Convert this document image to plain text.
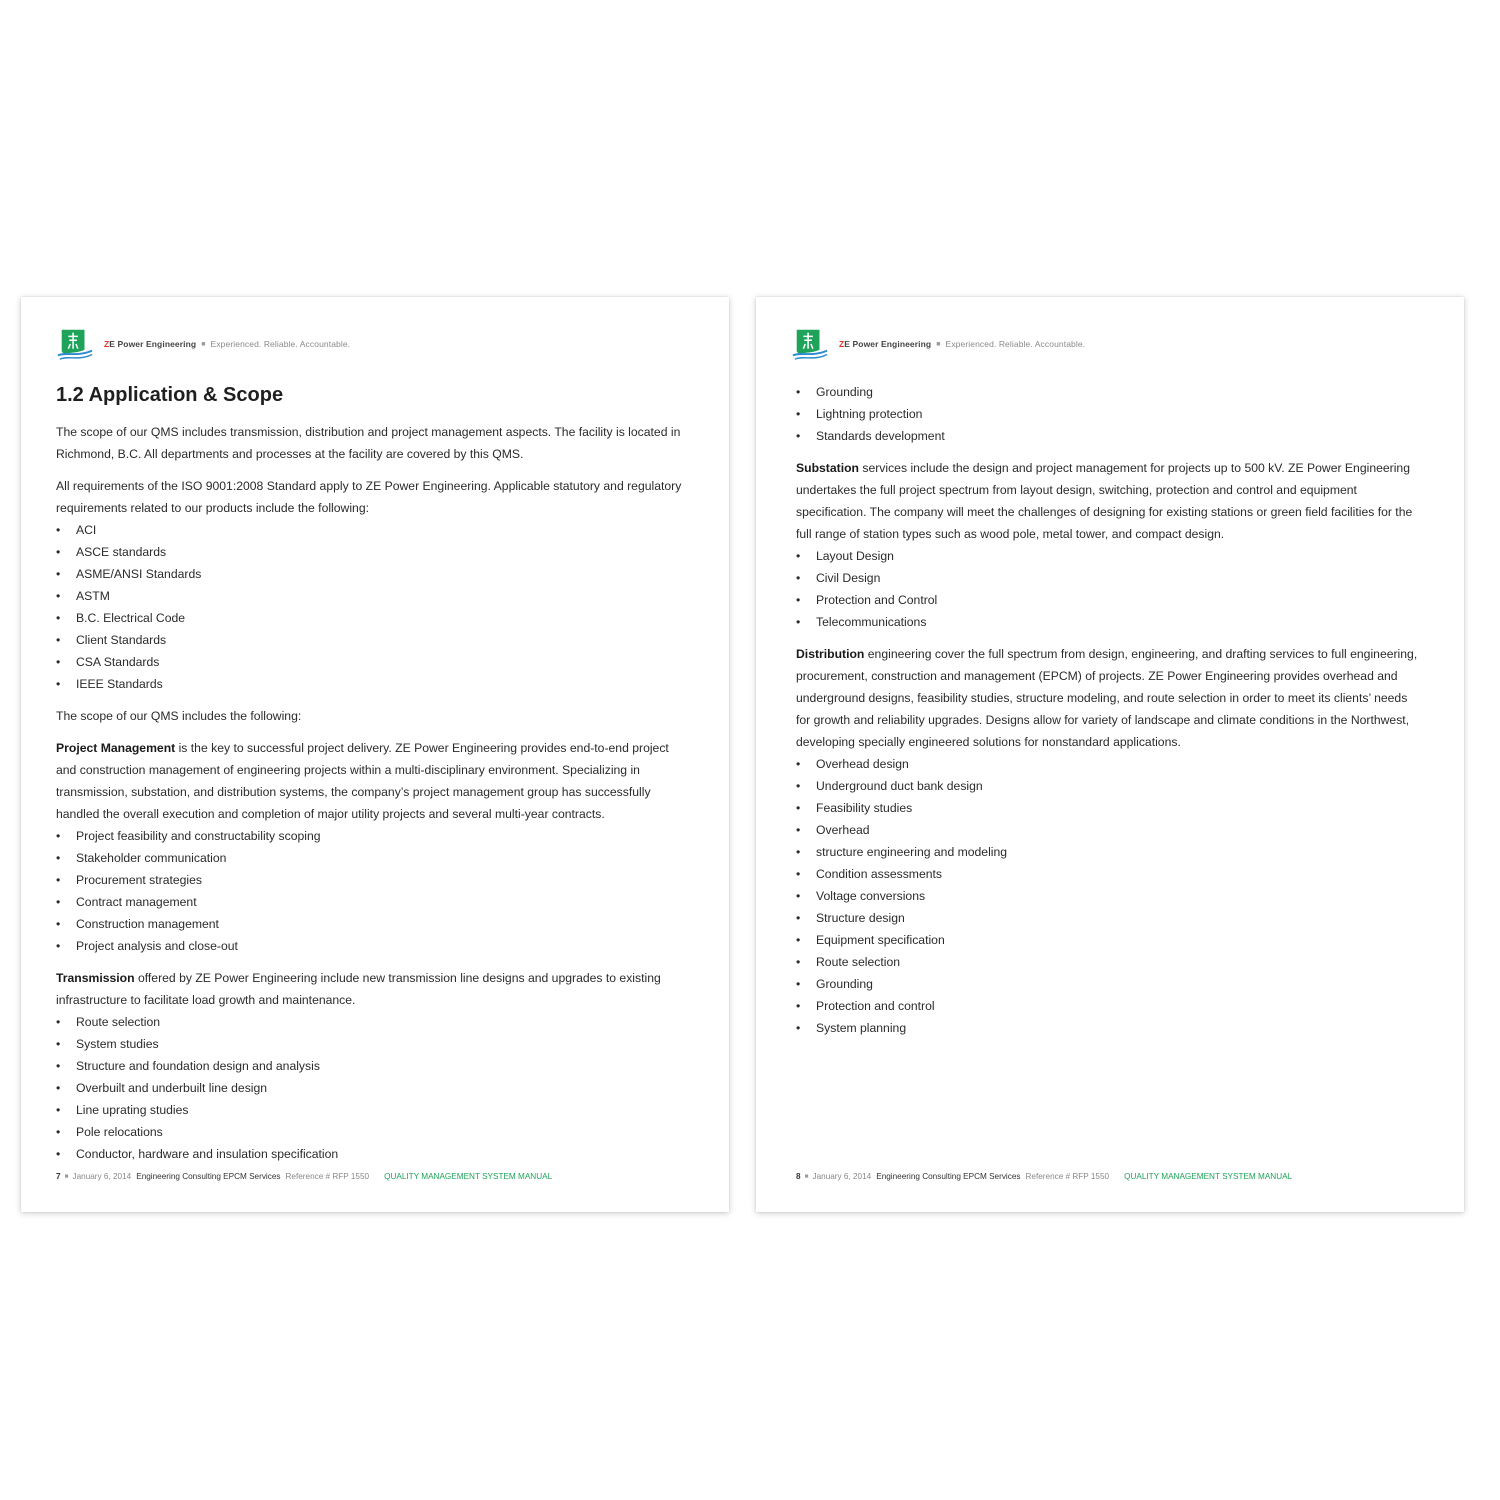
Z E Power Engineering ■ Experienced. Reliable. Accountable.
1.2 Application & Scope

The scope of our QMS includes transmission, distribution and project management aspects. The facility is located in Richmond, B.C. All departments and processes at the facility are covered by this QMS.

All requirements of the ISO 9001:2008 Standard apply to ZE Power Engineering. Applicable statutory and regulatory requirements related to our products include the following:

• ACI
• ASCE standards
• ASME/ANSI Standards
• ASTM
• B.C. Electrical Code
• Client Standards
• CSA Standards
• IEEE Standards

The scope of our QMS includes the following:

Project Management is the key to successful project delivery. ZE Power Engineering provides end-to-end project and construction management of engineering projects within a multi-disciplinary environment. Specializing in transmission, substation, and distribution systems, the company’s project management group has successfully handled the overall execution and completion of major utility projects and several multi-year contracts.

• Project feasibility and constructability scoping
• Stakeholder communication
• Procurement strategies
• Contract management
• Construction management
• Project analysis and close-out

Transmission offered by ZE Power Engineering include new transmission line designs and upgrades to existing infrastructure to facilitate load growth and maintenance.

• Route selection
• System studies
• Structure and foundation design and analysis
• Overbuilt and underbuilt line design
• Line uprating studies
• Pole relocations
• Conductor, hardware and insulation specification
7 ■ January 6, 2014 Engineering Consulting EPCM Services Reference # RFP 1550 QUALITY MANAGEMENT SYSTEM MANUAL
Z E Power Engineering ■ Experienced. Reliable. Accountable.
• Grounding
• Lightning protection
• Standards development

Substation services include the design and project management for projects up to 500 kV. ZE Power Engineering undertakes the full project spectrum from layout design, switching, protection and control and equipment specification. The company will meet the challenges of designing for existing stations or green field facilities for the full range of station types such as wood pole, metal tower, and compact design.

• Layout Design
• Civil Design
• Protection and Control
• Telecommunications

Distribution engineering cover the full spectrum from design, engineering, and drafting services to full engineering, procurement, construction and management (EPCM) of projects. ZE Power Engineering provides overhead and underground designs, feasibility studies, structure modeling, and route selection in order to meet its clients’ needs for growth and reliability upgrades. Designs allow for variety of landscape and climate conditions in the Northwest, developing specially engineered solutions for nonstandard applications.

• Overhead design
• Underground duct bank design
• Feasibility studies
• Overhead
• structure engineering and modeling
• Condition assessments
• Voltage conversions
• Structure design
• Equipment specification
• Route selection
• Grounding
• Protection and control
• System planning
8 ■ January 6, 2014 Engineering Consulting EPCM Services Reference # RFP 1550 QUALITY MANAGEMENT SYSTEM MANUAL
